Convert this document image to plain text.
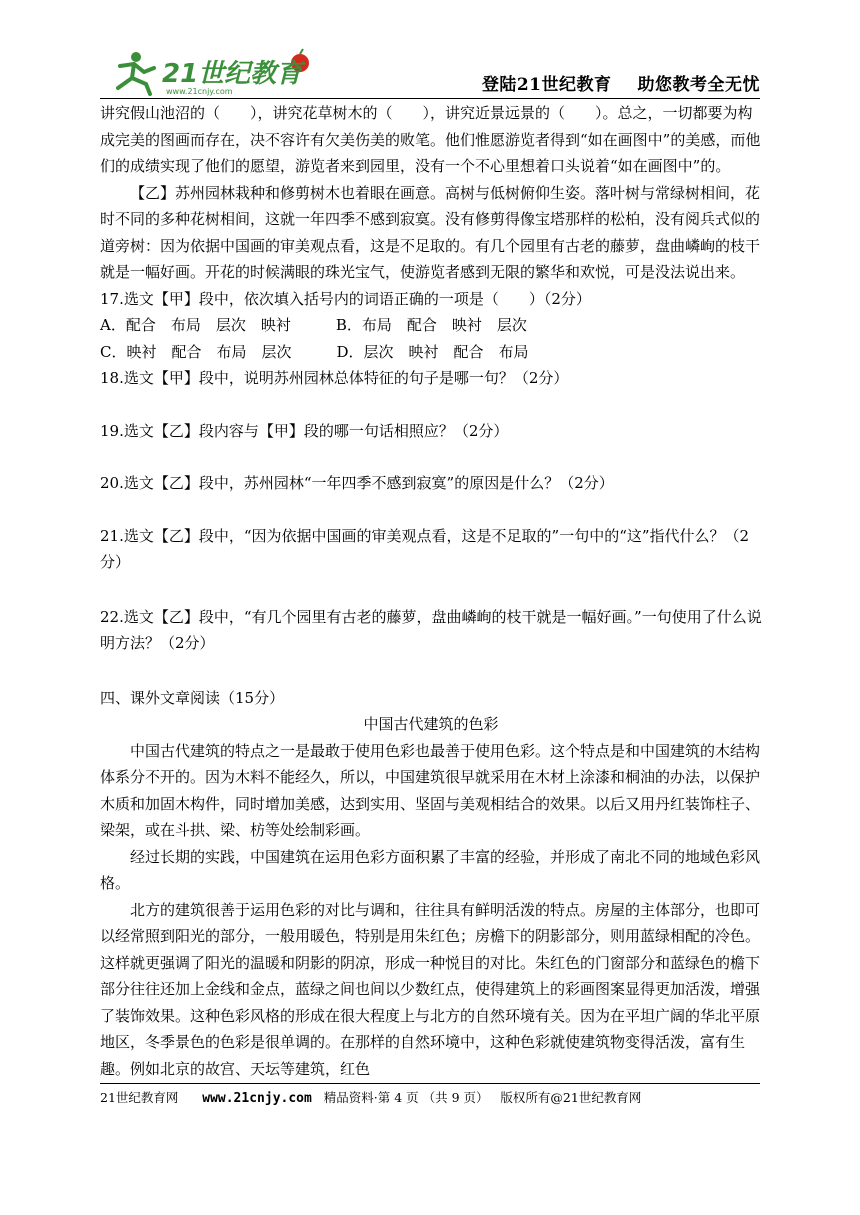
21世纪教育
www.21cnjy.com	登陆21世纪教育 助您教考全无忧

讲究假山池沼的（　　），讲究花草树木的（　　），讲究近景远景的（　　）。总之，一切都要为构成完美的图画而存在，决不容许有欠美伤美的败笔。他们惟愿游览者得到“如在画图中”的美感，而他们的成绩实现了他们的愿望，游览者来到园里，没有一个不心里想着口头说着“如在画图中”的。

【乙】苏州园林栽种和修剪树木也着眼在画意。高树与低树俯仰生姿。落叶树与常绿树相间，花时不同的多种花树相间，这就一年四季不感到寂寞。没有修剪得像宝塔那样的松柏，没有阅兵式似的道旁树：因为依据中国画的审美观点看，这是不足取的。有几个园里有古老的藤萝，盘曲嶙峋的枝干就是一幅好画。开花的时候满眼的珠光宝气，使游览者感到无限的繁华和欢悦，可是没法说出来。

17.选文【甲】段中，依次填入括号内的词语正确的一项是（　　）（2分）

A．配合　布局　层次　映衬　　　B．布局　配合　映衬　层次

C．映衬　配合　布局　层次　　　D．层次　映衬　配合　布局

18.选文【甲】段中，说明苏州园林总体特征的句子是哪一句？（2分）

19.选文【乙】段内容与【甲】段的哪一句话相照应？（2分）

20.选文【乙】段中，苏州园林“一年四季不感到寂寞”的原因是什么？（2分）

21.选文【乙】段中，“因为依据中国画的审美观点看，这是不足取的”一句中的“这”指代什么？（2分）

22.选文【乙】段中，“有几个园里有古老的藤萝，盘曲嶙峋的枝干就是一幅好画。”一句使用了什么说明方法？（2分）

四、课外文章阅读（15分）

中国古代建筑的色彩

中国古代建筑的特点之一是最敢于使用色彩也最善于使用色彩。这个特点是和中国建筑的木结构体系分不开的。因为木料不能经久，所以，中国建筑很早就采用在木材上涂漆和桐油的办法，以保护木质和加固木构件，同时增加美感，达到实用、坚固与美观相结合的效果。以后又用丹红装饰柱子、梁架，或在斗拱、梁、枋等处绘制彩画。

经过长期的实践，中国建筑在运用色彩方面积累了丰富的经验，并形成了南北不同的地域色彩风格。

北方的建筑很善于运用色彩的对比与调和，往往具有鲜明活泼的特点。房屋的主体部分，也即可以经常照到阳光的部分，一般用暖色，特别是用朱红色；房檐下的阴影部分，则用蓝绿相配的冷色。这样就更强调了阳光的温暖和阴影的阴凉，形成一种悦目的对比。朱红色的门窗部分和蓝绿色的檐下部分往往还加上金线和金点，蓝绿之间也间以少数红点，使得建筑上的彩画图案显得更加活泼，增强了装饰效果。这种色彩风格的形成在很大程度上与北方的自然环境有关。因为在平坦广阔的华北平原地区，冬季景色的色彩是很单调的。在那样的自然环境中，这种色彩就使建筑物变得活泼，富有生趣。例如北京的故宫、天坛等建筑，红色

21世纪教育网 www.21cnjy.com 精品资料·第 4 页 （共 9 页） 版权所有@21世纪教育网
